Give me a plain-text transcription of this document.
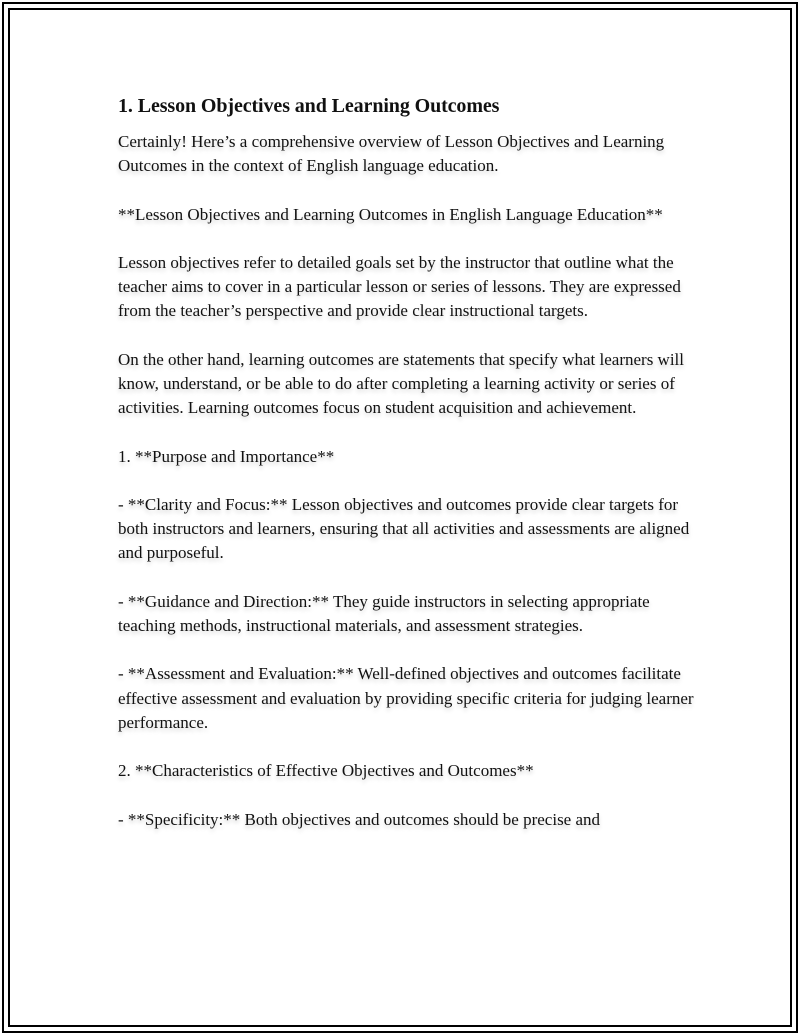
1. Lesson Objectives and Learning Outcomes

Certainly! Here’s a comprehensive overview of Lesson Objectives and Learning Outcomes in the context of English language education.

**Lesson Objectives and Learning Outcomes in English Language Education**

Lesson objectives refer to detailed goals set by the instructor that outline what the teacher aims to cover in a particular lesson or series of lessons. They are expressed from the teacher’s perspective and provide clear instructional targets.

On the other hand, learning outcomes are statements that specify what learners will know, understand, or be able to do after completing a learning activity or series of activities. Learning outcomes focus on student acquisition and achievement.

1. **Purpose and Importance**

- **Clarity and Focus:** Lesson objectives and outcomes provide clear targets for both instructors and learners, ensuring that all activities and assessments are aligned and purposeful.

- **Guidance and Direction:** They guide instructors in selecting appropriate teaching methods, instructional materials, and assessment strategies.

- **Assessment and Evaluation:** Well-defined objectives and outcomes facilitate effective assessment and evaluation by providing specific criteria for judging learner performance.

2. **Characteristics of Effective Objectives and Outcomes**

- **Specificity:** Both objectives and outcomes should be precise and
